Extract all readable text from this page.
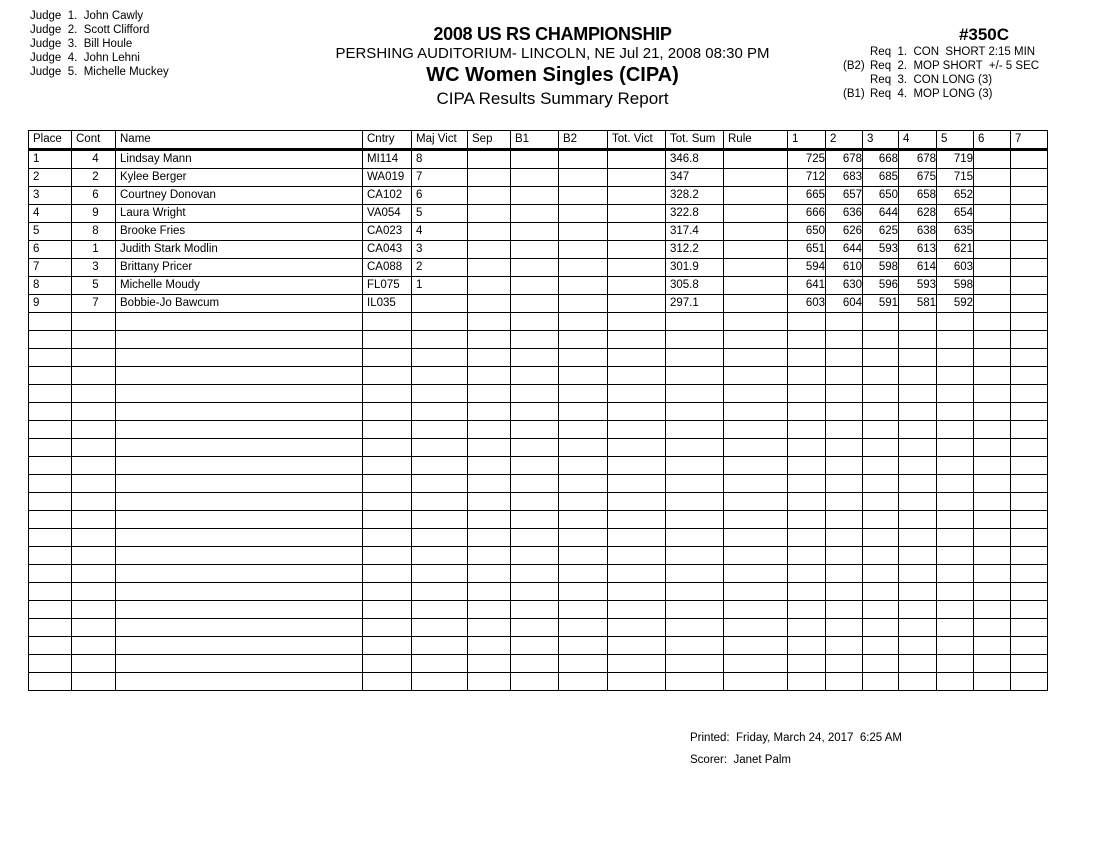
Judge  1. John Cawly
Judge  2. Scott Clifford
Judge  3. Bill Houle
Judge  4. John Lehni
Judge  5. Michelle Muckey
2008 US RS CHAMPIONSHIP
PERSHING AUDITORIUM- LINCOLN, NE Jul 21, 2008 08:30 PM
WC Women Singles (CIPA)
CIPA Results Summary Report
#350C
Req  1.  CON  SHORT 2:15 MIN
(B2) Req  2.  MOP SHORT  +/- 5 SEC
Req  3.  CON LONG (3)
(B1) Req  4.  MOP LONG (3)
Place	Cont	Name	Cntry	Maj Vict	Sep	B1	B2	Tot. Vict	Tot. Sum	Rule	1	2	3	4	5	6	7
1	4	Lindsay Mann	MI114	8					346.8		725	678	668	678	719		
2	2	Kylee Berger	WA019	7					347		712	683	685	675	715		
3	6	Courtney Donovan	CA102	6					328.2		665	657	650	658	652		
4	9	Laura Wright	VA054	5					322.8		666	636	644	628	654		
5	8	Brooke Fries	CA023	4					317.4		650	626	625	638	635		
6	1	Judith Stark Modlin	CA043	3					312.2		651	644	593	613	621		
7	3	Brittany Pricer	CA088	2					301.9		594	610	598	614	603		
8	5	Michelle Moudy	FL075	1					305.8		641	630	596	593	598		
9	7	Bobbie-Jo Bawcum	IL035						297.1		603	604	591	581	592		

Printed: Friday, March 24, 2017  6:25 AM
Scorer: Janet Palm
